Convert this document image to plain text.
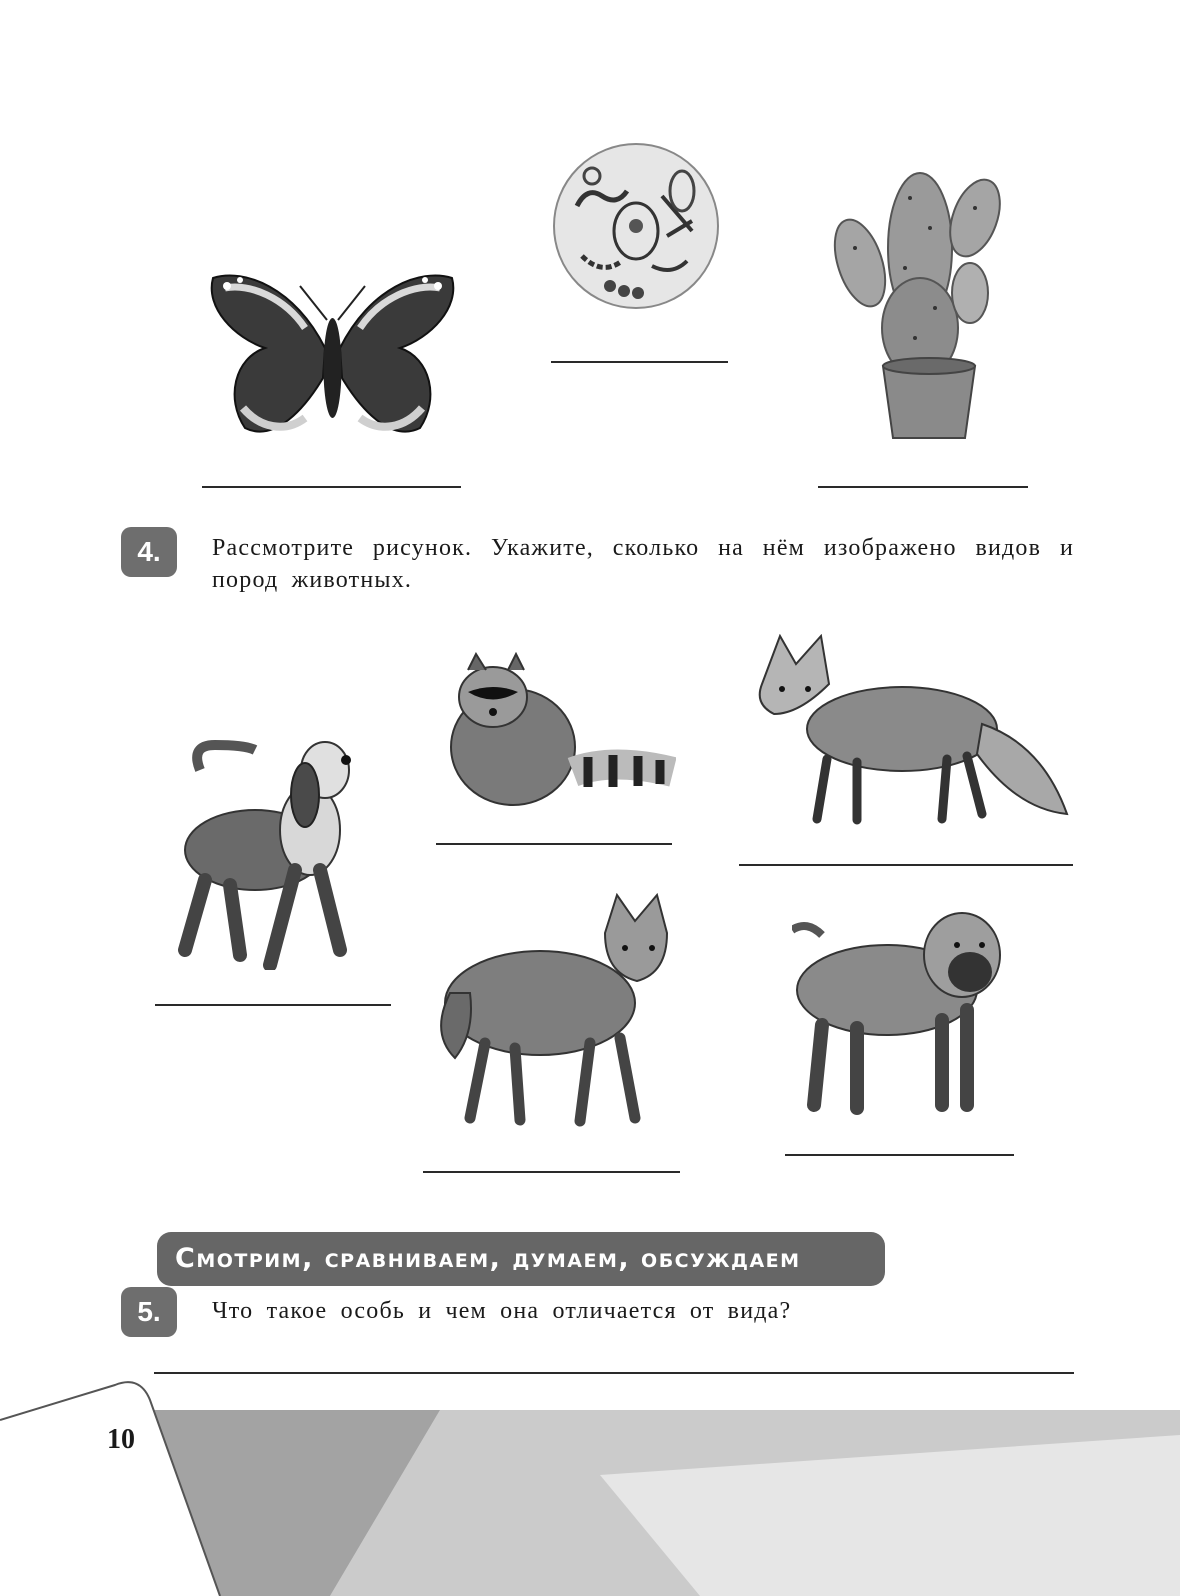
4.	Рассмотрите рисунок. Укажите, сколько на нём изображено видов и пород животных.
Смотрим, сравниваем, думаем, обсуждаем
5.	Что такое особь и чем она отличается от вида?
10
